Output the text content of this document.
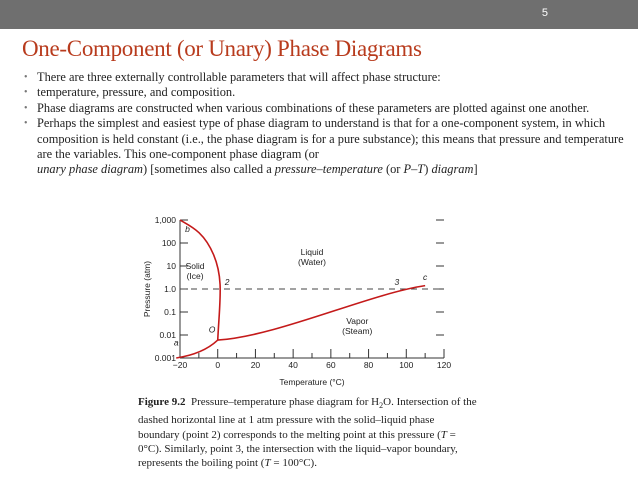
5
One-Component (or Unary) Phase Diagrams
• There are three externally controllable parameters that will affect phase structure:
• temperature, pressure, and composition.
• Phase diagrams are constructed when various combinations of these parameters are plotted against one another.
• Perhaps the simplest and easiest type of phase diagram to understand is that for a one-component system, in which composition is held constant (i.e., the phase diagram is for a pure substance); this means that pressure and temperature are the variables. This one-component phase diagram (or
unary phase diagram) [sometimes also called a pressure–temperature (or P–T) diagram]
0.001
0.01
0.1
1.0
10
100
1,000
−20	0	20	40	60	80	100	120
Temperature (°C)
Pressure (atm)	Solid
(Ice)
Liquid
(Water)
Vapor
(Steam)
b
a
O
c
2	3
Figure 9.2 Pressure–temperature phase diagram for $H_2O$. Intersection of the dashed horizontal line at 1 atm pressure with the solid–liquid phase boundary (point 2) corresponds to the melting point at this pressure (T = 0°C). Similarly, point 3, the intersection with the liquid–vapor boundary, represents the boiling point (T = 100°C).
